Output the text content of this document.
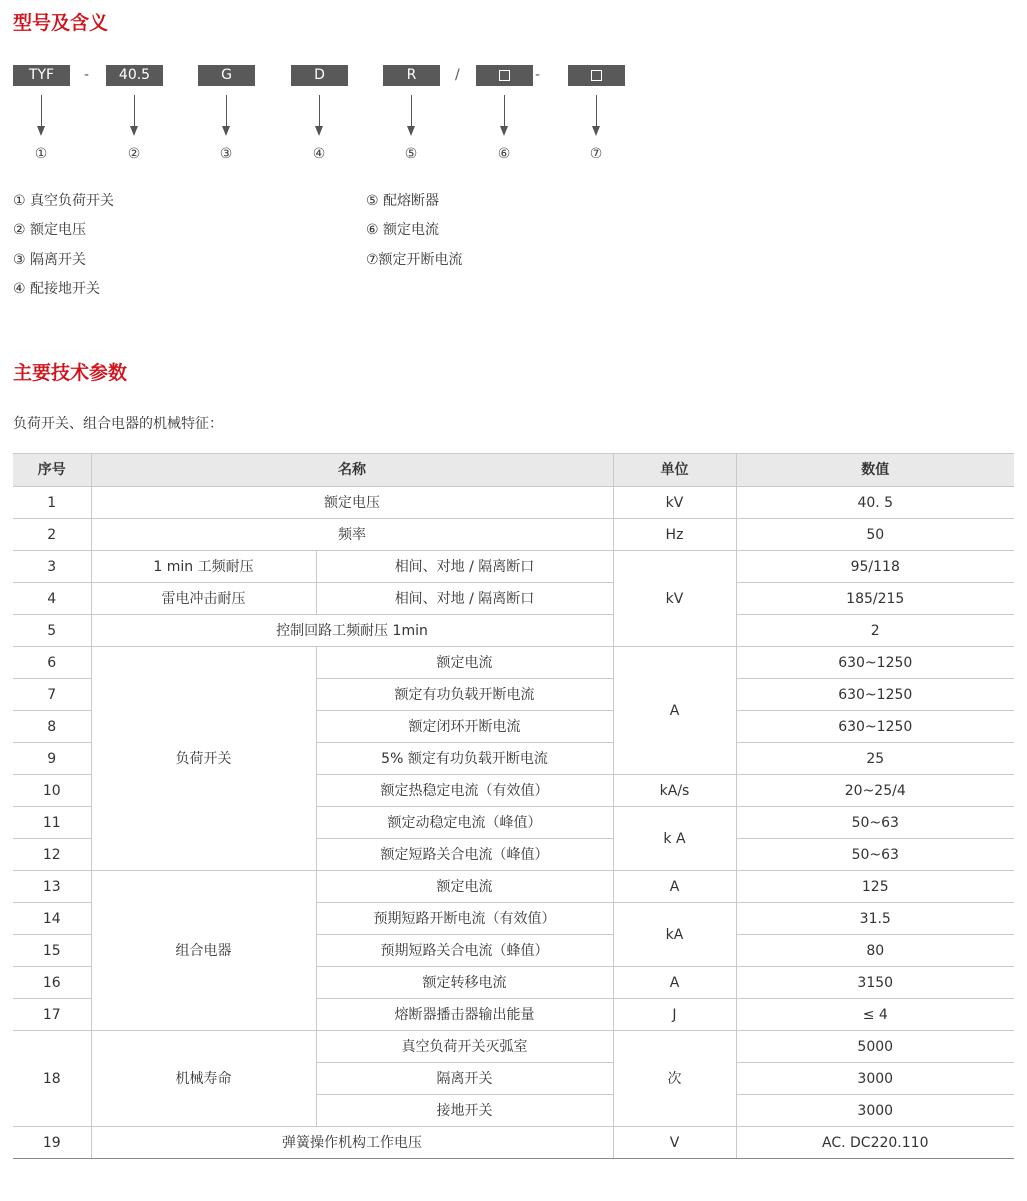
型号及含义
TYF	-	40.5	G	D	R	/	-
①	②	③	④	⑤	⑥	⑦
① 真空负荷开关
② 额定电压
③ 隔离开关
④ 配接地开关
⑤ 配熔断器
⑥ 额定电流
⑦额定开断电流
主要技术参数
负荷开关、组合电器的机械特征：
序号	名称		单位	数值
1	额定电压		kV	40. 5
2	频率		Hz	50
3	1 min 工频耐压	相间、对地 / 隔离断口	kV	95/118
4	雷电冲击耐压	相间、对地 / 隔离断口		185/215
5	控制回路工频耐压 1min			2
6	负荷开关	额定电流	A	630~1250
7		额定有功负载开断电流		630~1250
8		额定闭环开断电流		630~1250
9		5% 额定有功负载开断电流		25
10		额定热稳定电流（有效值）	kA/s	20~25/4
11		额定动稳定电流（峰值）	k A	50~63
12		额定短路关合电流（峰值）		50~63
13	组合电器	额定电流	A	125
14		预期短路开断电流（有效值）	kA	31.5
15		预期短路关合电流（蜂值）		80
16		额定转移电流	A	3150
17		熔断器播击器输出能量	J	≤ 4
18	机械寿命	真空负荷开关灭弧室	次	5000
		隔离开关		3000
		接地开关		3000
19	弹簧操作机构工作电压		V	AC. DC220.110
